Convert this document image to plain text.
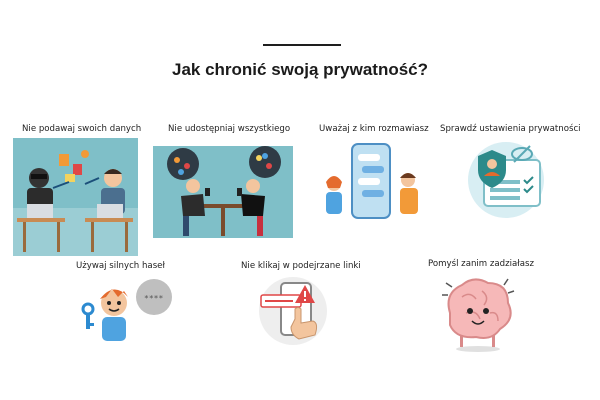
Jak chronić swoją prywatność?
Nie podawaj swoich danych	Nie udostępniaj wszystkiego	Uważaj z kim rozmawiasz Sprawdź ustawienia prywatności
Używaj silnych haseł
****
Nie klikaj w podejrzane linki	Pomyśl zanim zadziałasz
